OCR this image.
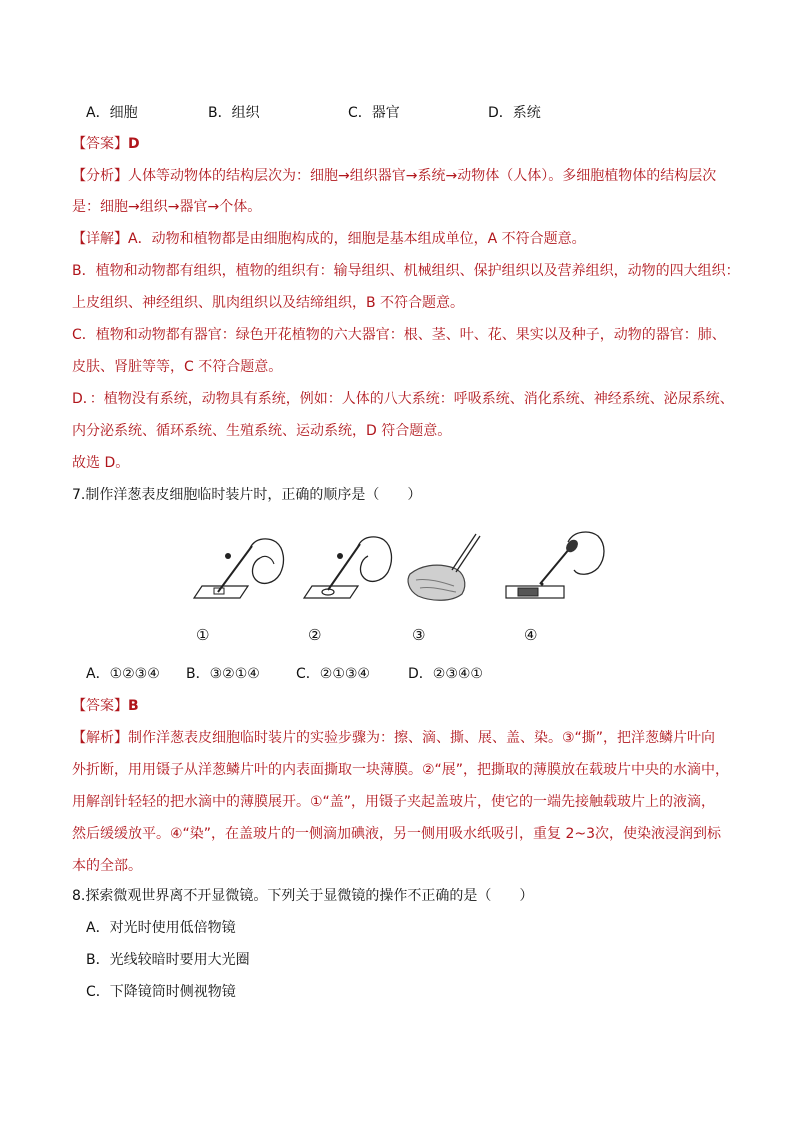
A．细胞	B．组织	C．器官	D．系统
【答案】D
【分析】人体等动物体的结构层次为：细胞→组织器官→系统→动物体（人体）。多细胞植物体的结构层次
是：细胞→组织→器官→个体。
【详解】A．动物和植物都是由细胞构成的，细胞是基本组成单位，A 不符合题意。
B．植物和动物都有组织，植物的组织有：输导组织、机械组织、保护组织以及营养组织，动物的四大组织：
上皮组织、神经组织、肌肉组织以及结缔组织，B 不符合题意。
C．植物和动物都有器官：绿色开花植物的六大器官：根、茎、叶、花、果实以及种子，动物的器官：肺、
皮肤、肾脏等等，C 不符合题意。
D．：植物没有系统，动物具有系统，例如：人体的八大系统：呼吸系统、消化系统、神经系统、泌尿系统、
内分泌系统、循环系统、生殖系统、运动系统，D 符合题意。
故选 D。
7.制作洋葱表皮细胞临时装片时，正确的顺序是（　　）
①	②	③	④
A．①②③④ B．③②①④	C．②①③④	D．②③④①
【答案】B
【解析】制作洋葱表皮细胞临时装片的实验步骤为：擦、滴、撕、展、盖、染。③“撕”，把洋葱鳞片叶向
外折断，用用镊子从洋葱鳞片叶的内表面撕取一块薄膜。②“展”，把撕取的薄膜放在载玻片中央的水滴中，
用解剖针轻轻的把水滴中的薄膜展开。①“盖”，用镊子夹起盖玻片，使它的一端先接触载玻片上的液滴，
然后缓缓放平。④“染”，在盖玻片的一侧滴加碘液，另一侧用吸水纸吸引，重复 2~3次，使染液浸润到标
本的全部。
8.探索微观世界离不开显微镜。下列关于显微镜的操作不正确的是（　　）
A．对光时使用低倍物镜
B．光线较暗时要用大光圈
C．下降镜筒时侧视物镜
